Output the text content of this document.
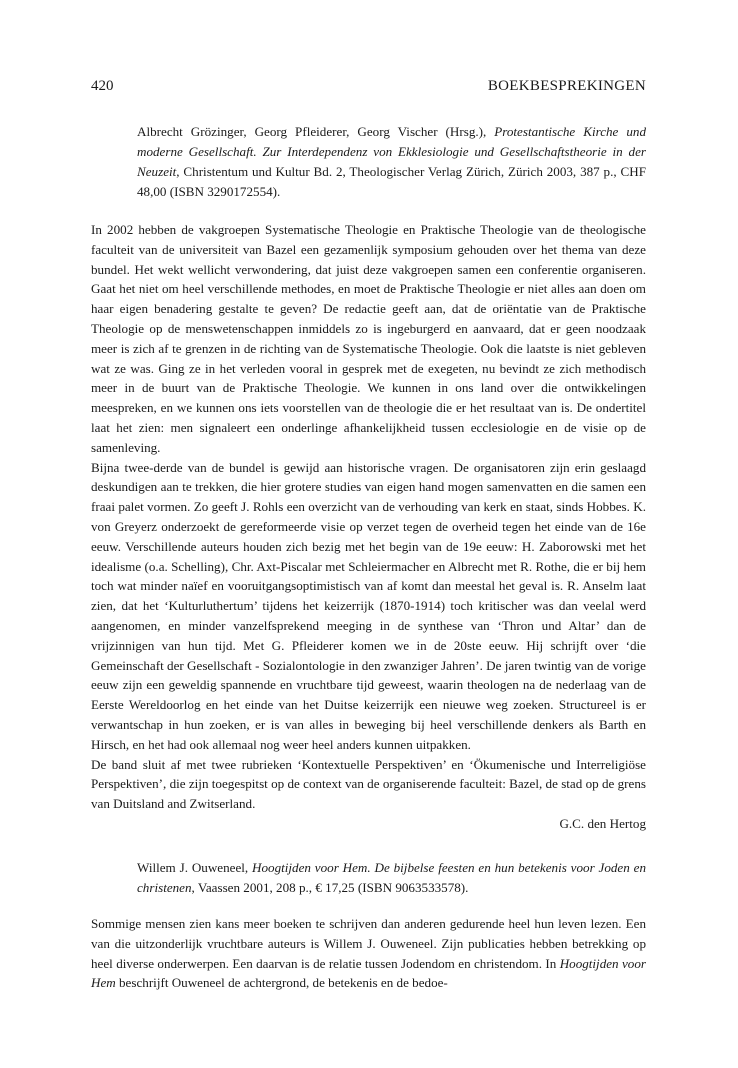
420	BOEKBESPREKINGEN
Albrecht Grözinger, Georg Pfleiderer, Georg Vischer (Hrsg.), Protestantische Kirche und moderne Gesellschaft. Zur Interdependenz von Ekklesiologie und Gesellschaftstheorie in der Neuzeit, Christentum und Kultur Bd. 2, Theologischer Verlag Zürich, Zürich 2003, 387 p., CHF 48,00 (ISBN 3290172554).

In 2002 hebben de vakgroepen Systematische Theologie en Praktische Theologie van de theologische faculteit van de universiteit van Bazel een gezamenlijk symposium gehouden over het thema van deze bundel. Het wekt wellicht verwondering, dat juist deze vakgroepen samen een conferentie organiseren. Gaat het niet om heel verschillende methodes, en moet de Praktische Theologie er niet alles aan doen om haar eigen benadering gestalte te geven? De redactie geeft aan, dat de oriëntatie van de Praktische Theologie op de menswetenschappen inmiddels zo is ingeburgerd en aanvaard, dat er geen noodzaak meer is zich af te grenzen in de richting van de Systematische Theologie. Ook die laatste is niet gebleven wat ze was. Ging ze in het verleden vooral in gesprek met de exegeten, nu bevindt ze zich methodisch meer in de buurt van de Praktische Theologie. We kunnen in ons land over die ontwikkelingen meespreken, en we kunnen ons iets voorstellen van de theologie die er het resultaat van is. De ondertitel laat het zien: men signaleert een onderlinge afhankelijkheid tussen ecclesiologie en de visie op de samenleving.

Bijna twee-derde van de bundel is gewijd aan historische vragen. De organisatoren zijn erin geslaagd deskundigen aan te trekken, die hier grotere studies van eigen hand mogen samenvatten en die samen een fraai palet vormen. Zo geeft J. Rohls een overzicht van de verhouding van kerk en staat, sinds Hobbes. K. von Greyerz onderzoekt de gereformeerde visie op verzet tegen de overheid tegen het einde van de 16e eeuw. Verschillende auteurs houden zich bezig met het begin van de 19e eeuw: H. Zaborowski met het idealisme (o.a. Schelling), Chr. Axt-Piscalar met Schleiermacher en Albrecht met R. Rothe, die er bij hem toch wat minder naïef en vooruitgangsoptimistisch van af komt dan meestal het geval is. R. Anselm laat zien, dat het ‘Kulturluthertum’ tijdens het keizerrijk (1870-1914) toch kritischer was dan veelal werd aangenomen, en minder vanzelfsprekend meeging in de synthese van ‘Thron und Altar’ dan de vrijzinnigen van hun tijd. Met G. Pfleiderer komen we in de 20ste eeuw. Hij schrijft over ‘die Gemeinschaft der Gesellschaft - Sozialontologie in den zwanziger Jahren’. De jaren twintig van de vorige eeuw zijn een geweldig spannende en vruchtbare tijd geweest, waarin theologen na de nederlaag van de Eerste Wereldoorlog en het einde van het Duitse keizerrijk een nieuwe weg zoeken. Structureel is er verwantschap in hun zoeken, er is van alles in beweging bij heel verschillende denkers als Barth en Hirsch, en het had ook allemaal nog weer heel anders kunnen uitpakken.

De band sluit af met twee rubrieken ‘Kontextuelle Perspektiven’ en ‘Ökumenische und Interreligiöse Perspektiven’, die zijn toegespitst op de context van de organiserende faculteit: Bazel, de stad op de grens van Duitsland and Zwitserland.

G.C. den Hertog

Willem J. Ouweneel, Hoogtijden voor Hem. De bijbelse feesten en hun betekenis voor Joden en christenen, Vaassen 2001, 208 p., € 17,25 (ISBN 9063533578).

Sommige mensen zien kans meer boeken te schrijven dan anderen gedurende heel hun leven lezen. Een van die uitzonderlijk vruchtbare auteurs is Willem J. Ouweneel. Zijn publicaties hebben betrekking op heel diverse onderwerpen. Een daarvan is de relatie tussen Jodendom en christendom. In Hoogtijden voor Hem beschrijft Ouweneel de achtergrond, de betekenis en de bedoe-
